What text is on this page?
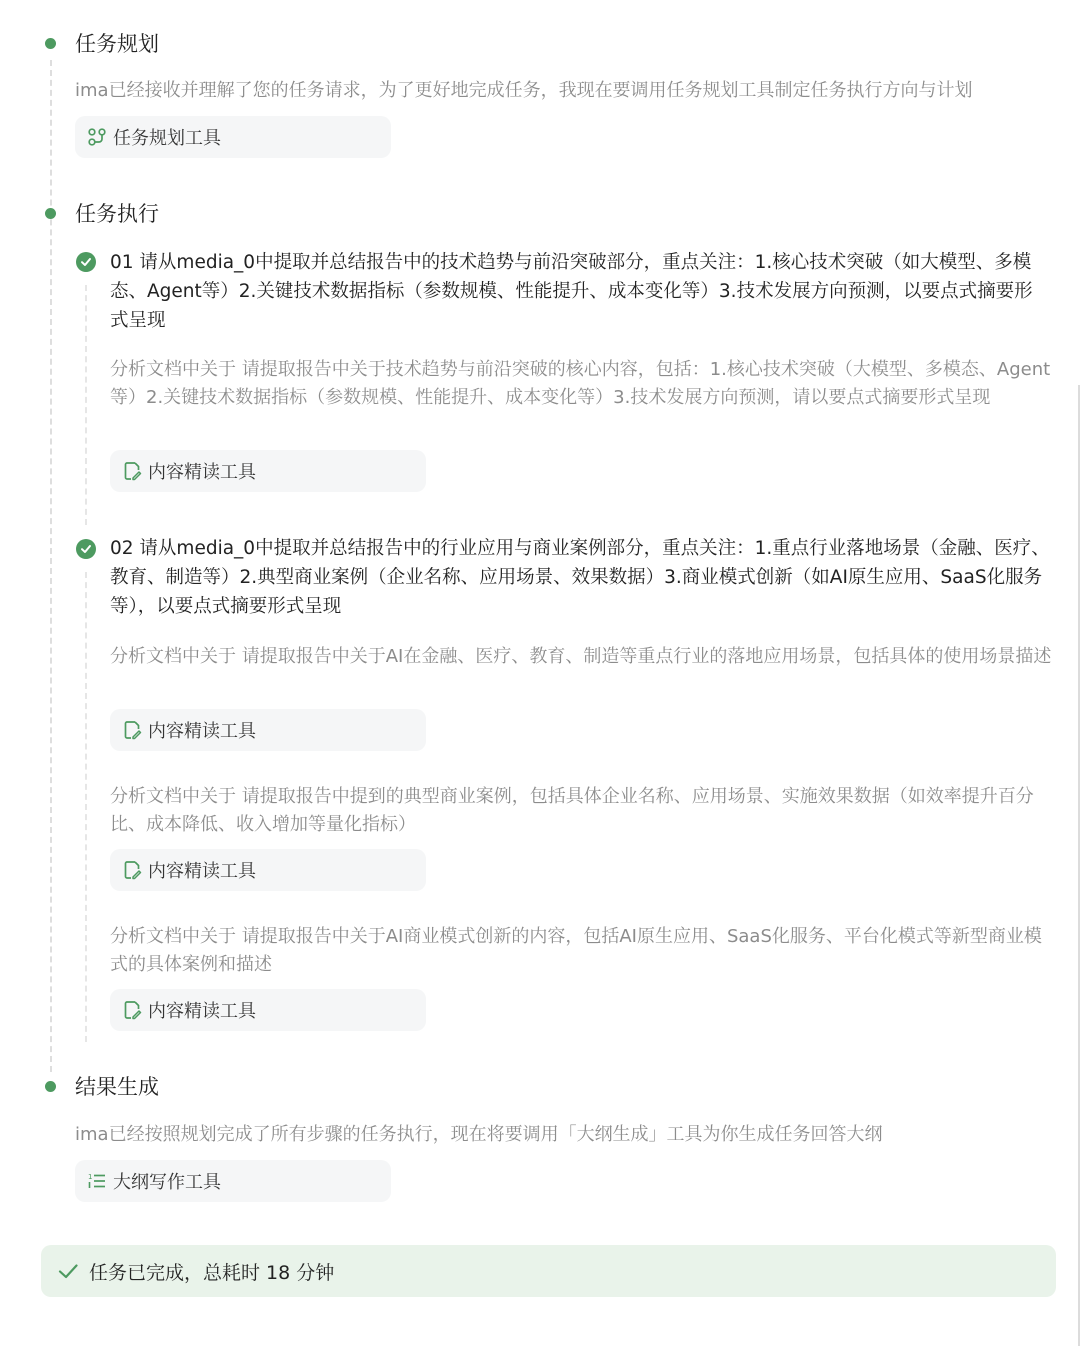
任务规划
ima已经接收并理解了您的任务请求，为了更好地完成任务，我现在要调用任务规划工具制定任务执行方向与计划
任务规划工具
任务执行
01 请从media_0中提取并总结报告中的技术趋势与前沿突破部分，重点关注：1.核心技术突破（如大模型、多模态、Agent等）2.关键技术数据指标（参数规模、性能提升、成本变化等）3.技术发展方向预测，以要点式摘要形式呈现
分析文档中关于 请提取报告中关于技术趋势与前沿突破的核心内容，包括：1.核心技术突破（大模型、多模态、Agent等）2.关键技术数据指标（参数规模、性能提升、成本变化等）3.技术发展方向预测，请以要点式摘要形式呈现
内容精读工具
02 请从media_0中提取并总结报告中的行业应用与商业案例部分，重点关注：1.重点行业落地场景（金融、医疗、教育、制造等）2.典型商业案例（企业名称、应用场景、效果数据）3.商业模式创新（如AI原生应用、SaaS化服务等），以要点式摘要形式呈现
分析文档中关于 请提取报告中关于AI在金融、医疗、教育、制造等重点行业的落地应用场景，包括具体的使用场景描述
内容精读工具
分析文档中关于 请提取报告中提到的典型商业案例，包括具体企业名称、应用场景、实施效果数据（如效率提升百分比、成本降低、收入增加等量化指标）
内容精读工具
分析文档中关于 请提取报告中关于AI商业模式创新的内容，包括AI原生应用、SaaS化服务、平台化模式等新型商业模式的具体案例和描述
内容精读工具
结果生成
ima已经按照规划完成了所有步骤的任务执行，现在将要调用「大纲生成」工具为你生成任务回答大纲
1 大纲写作工具
任务已完成，总耗时 18 分钟
